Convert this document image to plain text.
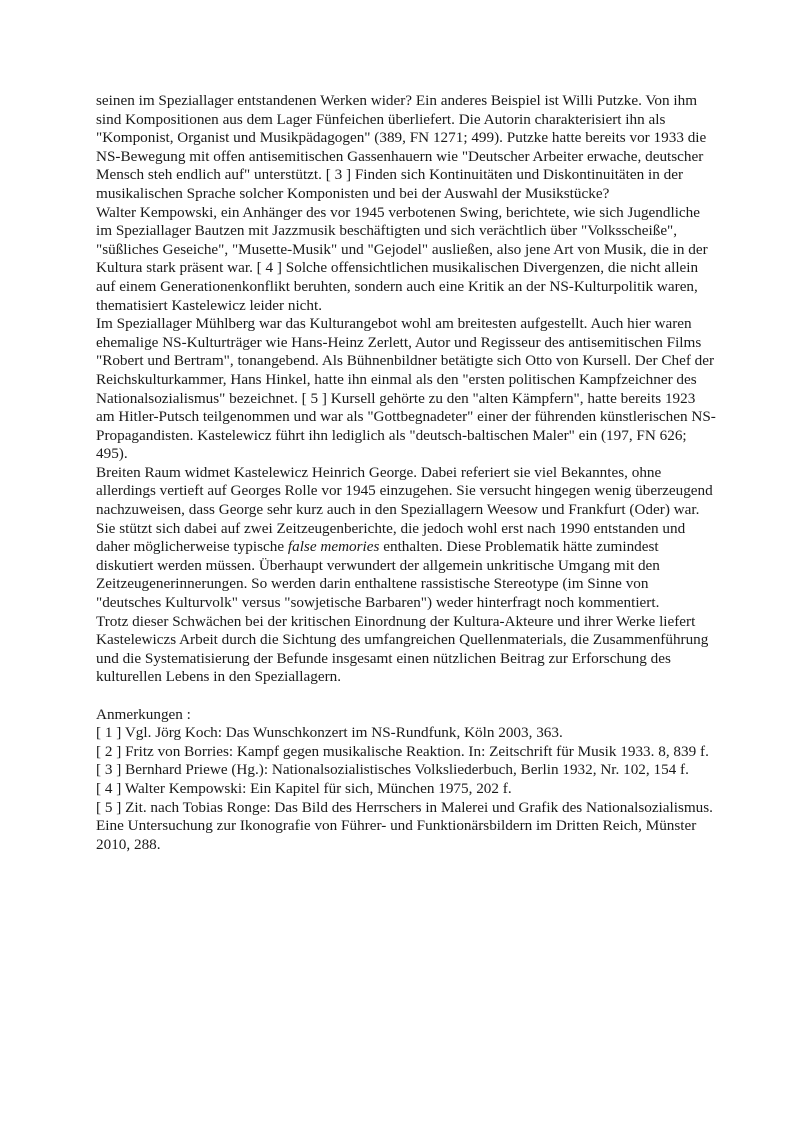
seinen im Speziallager entstandenen Werken wider? Ein anderes Beispiel ist Willi Putzke. Von ihm sind Kompositionen aus dem Lager Fünfeichen überliefert. Die Autorin charakterisiert ihn als "Komponist, Organist und Musikpädagogen" (389, FN 1271; 499). Putzke hatte bereits vor 1933 die NS-Bewegung mit offen antisemitischen Gassenhauern wie "Deutscher Arbeiter erwache, deutscher Mensch steh endlich auf" unterstützt. [ 3 ] Finden sich Kontinuitäten und Diskontinuitäten in der musikalischen Sprache solcher Komponisten und bei der Auswahl der Musikstücke?

Walter Kempowski, ein Anhänger des vor 1945 verbotenen Swing, berichtete, wie sich Jugendliche im Speziallager Bautzen mit Jazzmusik beschäftigten und sich verächtlich über "Volksscheiße", "süßliches Geseiche", "Musette-Musik" und "Gejodel" ausließen, also jene Art von Musik, die in der Kultura stark präsent war. [ 4 ] Solche offensichtlichen musikalischen Divergenzen, die nicht allein auf einem Generationenkonflikt beruhten, sondern auch eine Kritik an der NS-Kulturpolitik waren, thematisiert Kastelewicz leider nicht.

Im Speziallager Mühlberg war das Kulturangebot wohl am breitesten aufgestellt. Auch hier waren ehemalige NS-Kulturträger wie Hans-Heinz Zerlett, Autor und Regisseur des antisemitischen Films "Robert und Bertram", tonangebend. Als Bühnenbildner betätigte sich Otto von Kursell. Der Chef der Reichskulturkammer, Hans Hinkel, hatte ihn einmal als den "ersten politischen Kampfzeichner des Nationalsozialismus" bezeichnet. [ 5 ] Kursell gehörte zu den "alten Kämpfern", hatte bereits 1923 am Hitler-Putsch teilgenommen und war als "Gottbegnadeter" einer der führenden künstlerischen NS-Propagandisten. Kastelewicz führt ihn lediglich als "deutsch-baltischen Maler" ein (197, FN 626; 495).

Breiten Raum widmet Kastelewicz Heinrich George. Dabei referiert sie viel Bekanntes, ohne allerdings vertieft auf Georges Rolle vor 1945 einzugehen. Sie versucht hingegen wenig überzeugend nachzuweisen, dass George sehr kurz auch in den Speziallagern Weesow und Frankfurt (Oder) war. Sie stützt sich dabei auf zwei Zeitzeugenberichte, die jedoch wohl erst nach 1990 entstanden und daher möglicherweise typische false memories enthalten. Diese Problematik hätte zumindest diskutiert werden müssen. Überhaupt verwundert der allgemein unkritische Umgang mit den Zeitzeugenerinnerungen. So werden darin enthaltene rassistische Stereotype (im Sinne von "deutsches Kulturvolk" versus "sowjetische Barbaren") weder hinterfragt noch kommentiert.

Trotz dieser Schwächen bei der kritischen Einordnung der Kultura-Akteure und ihrer Werke liefert Kastelewiczs Arbeit durch die Sichtung des umfangreichen Quellenmaterials, die Zusammenführung und die Systematisierung der Befunde insgesamt einen nützlichen Beitrag zur Erforschung des kulturellen Lebens in den Speziallagern.

Anmerkungen :

[ 1 ] Vgl. Jörg Koch: Das Wunschkonzert im NS-Rundfunk, Köln 2003, 363.

[ 2 ] Fritz von Borries: Kampf gegen musikalische Reaktion. In: Zeitschrift für Musik 1933. 8, 839 f.

[ 3 ] Bernhard Priewe (Hg.): Nationalsozialistisches Volksliederbuch, Berlin 1932, Nr. 102, 154 f.

[ 4 ] Walter Kempowski: Ein Kapitel für sich, München 1975, 202 f.

[ 5 ] Zit. nach Tobias Ronge: Das Bild des Herrschers in Malerei und Grafik des Nationalsozialismus. Eine Untersuchung zur Ikonografie von Führer- und Funktionärsbildern im Dritten Reich, Münster 2010, 288.
